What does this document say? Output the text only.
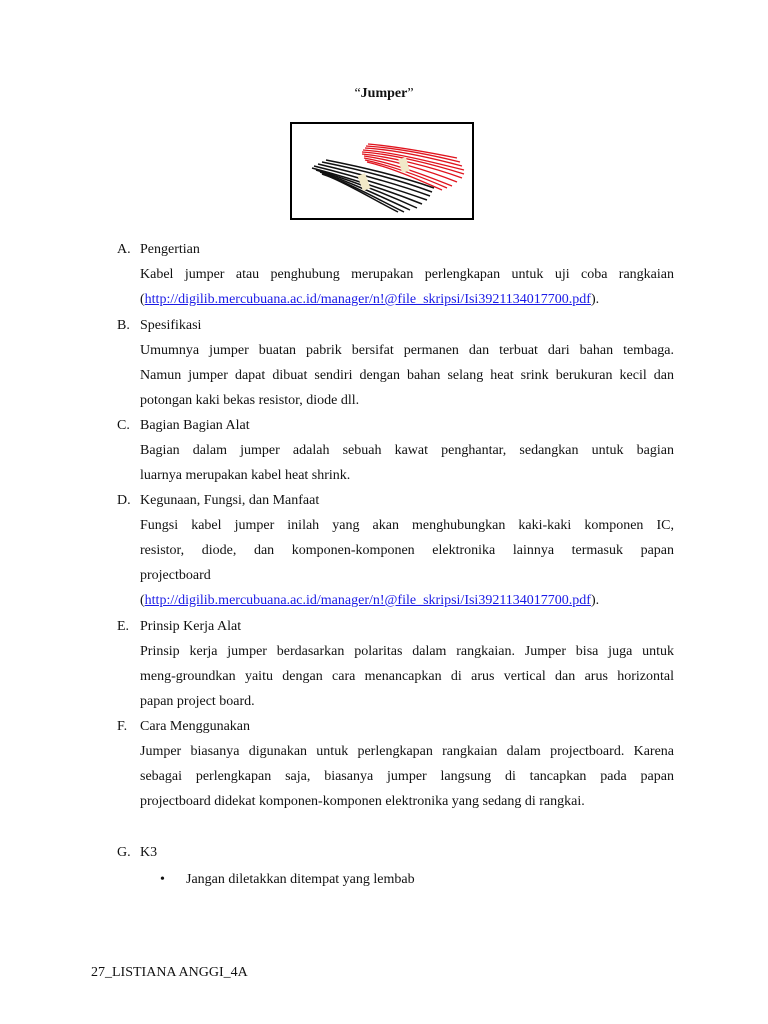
“Jumper”
A. Pengertian
Kabel jumper atau penghubung merupakan perlengkapan untuk uji coba rangkaian
(http://digilib.mercubuana.ac.id/manager/n!@file_skripsi/Isi3921134017700.pdf).
B. Spesifikasi
Umumnya jumper buatan pabrik bersifat permanen dan terbuat dari bahan tembaga.
Namun jumper dapat dibuat sendiri dengan bahan selang heat srink berukuran kecil dan
potongan kaki bekas resistor, diode dll.
C. Bagian Bagian Alat
Bagian dalam jumper adalah sebuah kawat penghantar, sedangkan untuk bagian
luarnya merupakan kabel heat shrink.
D. Kegunaan, Fungsi, dan Manfaat
Fungsi kabel jumper inilah yang akan menghubungkan kaki-kaki komponen IC,
resistor, diode, dan komponen-komponen elektronika lainnya termasuk papan
projectboard
(http://digilib.mercubuana.ac.id/manager/n!@file_skripsi/Isi3921134017700.pdf).
E. Prinsip Kerja Alat
Prinsip kerja jumper berdasarkan polaritas dalam rangkaian. Jumper bisa juga untuk
meng-groundkan yaitu dengan cara menancapkan di arus vertical dan arus horizontal
papan project board.
F. Cara Menggunakan
Jumper biasanya digunakan untuk perlengkapan rangkaian dalam projectboard. Karena
sebagai perlengkapan saja, biasanya jumper langsung di tancapkan pada papan
projectboard didekat komponen-komponen elektronika yang sedang di rangkai.
G. K3
• Jangan diletakkan ditempat yang lembab
27_LISTIANA ANGGI_4A
